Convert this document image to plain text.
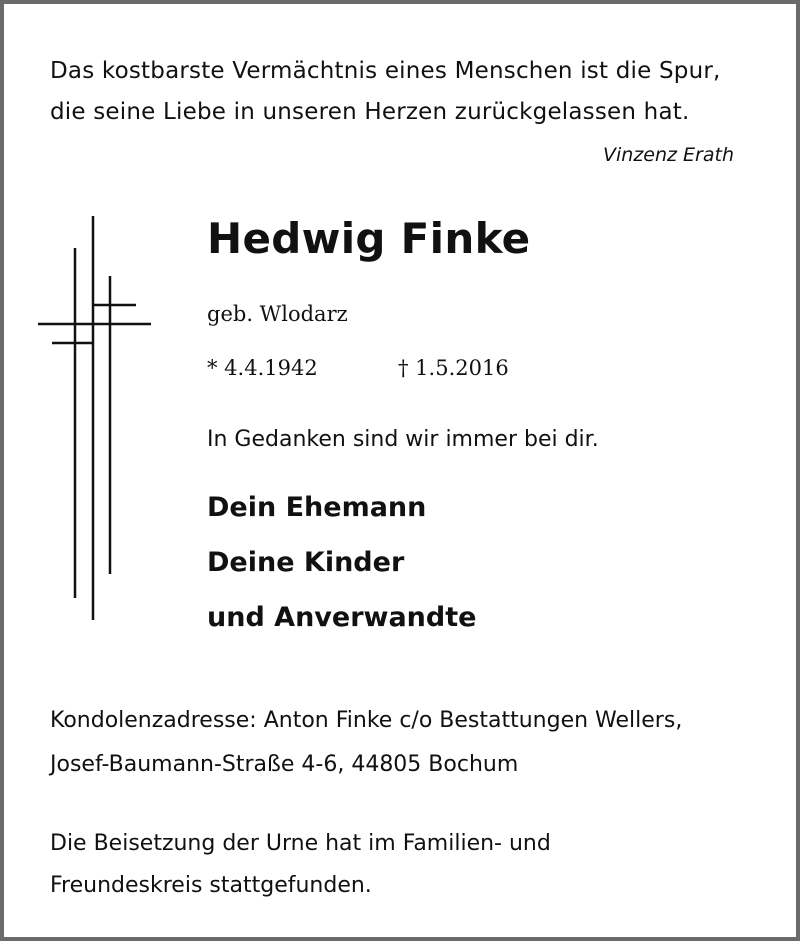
Das kostbarste Vermächtnis eines Menschen ist die Spur,
die seine Liebe in unseren Herzen zurückgelassen hat.
Vinzenz Erath
Hedwig Finke
geb. Wlodarz
* 4.4.1942	† 1.5.2016
In Gedanken sind wir immer bei dir.
Dein Ehemann
Deine Kinder
und Anverwandte
Kondolenzadresse: Anton Finke c/o Bestattungen Wellers,
Josef-Baumann-Straße 4-6, 44805 Bochum
Die Beisetzung der Urne hat im Familien- und
Freundeskreis stattgefunden.
